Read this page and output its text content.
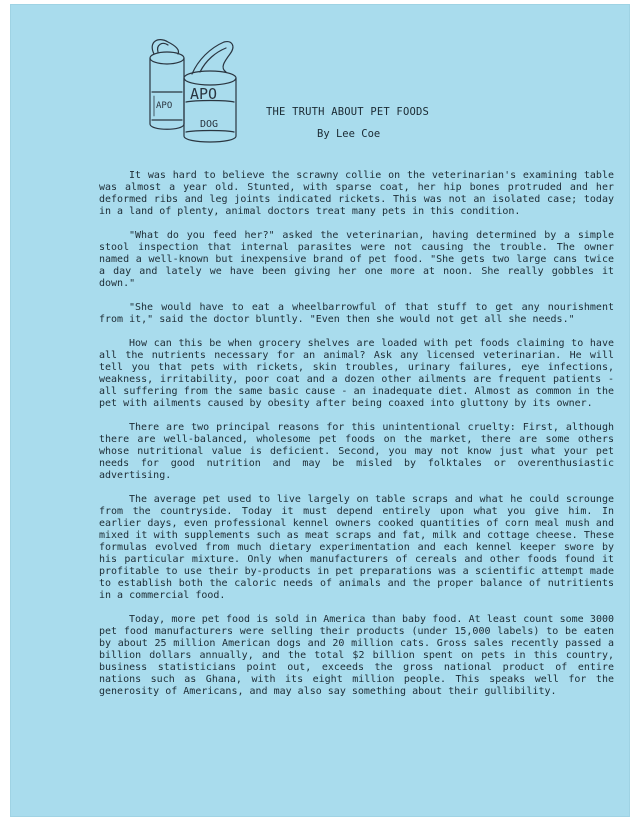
APO
APO
DOG
THE TRUTH ABOUT PET FOODS
By Lee Coe

It was hard to believe the scrawny collie on the veterinarian's examining table was almost a year old. Stunted, with sparse coat, her hip bones protruded and her deformed ribs and leg joints indicated rickets. This was not an isolated case; today in a land of plenty, animal doctors treat many pets in this condition.

"What do you feed her?" asked the veterinarian, having determined by a simple stool inspection that internal parasites were not causing the trouble. The owner named a well-known but inexpensive brand of pet food. "She gets two large cans twice a day and lately we have been giving her one more at noon. She really gobbles it down."

"She would have to eat a wheelbarrowful of that stuff to get any nourishment from it," said the doctor bluntly. "Even then she would not get all she needs."

How can this be when grocery shelves are loaded with pet foods claiming to have all the nutrients necessary for an animal? Ask any licensed veterinarian. He will tell you that pets with rickets, skin troubles, urinary failures, eye infections, weakness, irritability, poor coat and a dozen other ailments are frequent patients - all suffering from the same basic cause - an inadequate diet. Almost as common in the pet with ailments caused by obesity after being coaxed into gluttony by its owner.

There are two principal reasons for this unintentional cruelty: First, although there are well-balanced, wholesome pet foods on the market, there are some others whose nutritional value is deficient. Second, you may not know just what your pet needs for good nutrition and may be misled by folktales or overenthusiastic advertising.

The average pet used to live largely on table scraps and what he could scrounge from the countryside. Today it must depend entirely upon what you give him. In earlier days, even professional kennel owners cooked quantities of corn meal mush and mixed it with supplements such as meat scraps and fat, milk and cottage cheese. These formulas evolved from much dietary experimentation and each kennel keeper swore by his particular mixture. Only when manufacturers of cereals and other foods found it profitable to use their by-products in pet preparations was a scientific attempt made to establish both the caloric needs of animals and the proper balance of nutritients in a commercial food.

Today, more pet food is sold in America than baby food. At least count some 3000 pet food manufacturers were selling their products (under 15,000 labels) to be eaten by about 25 million American dogs and 20 million cats. Gross sales recently passed a billion dollars annually, and the total $2 billion spent on pets in this country, business statisticians point out, exceeds the gross national product of entire nations such as Ghana, with its eight million people. This speaks well for the generosity of Americans, and may also say something about their gullibility.
